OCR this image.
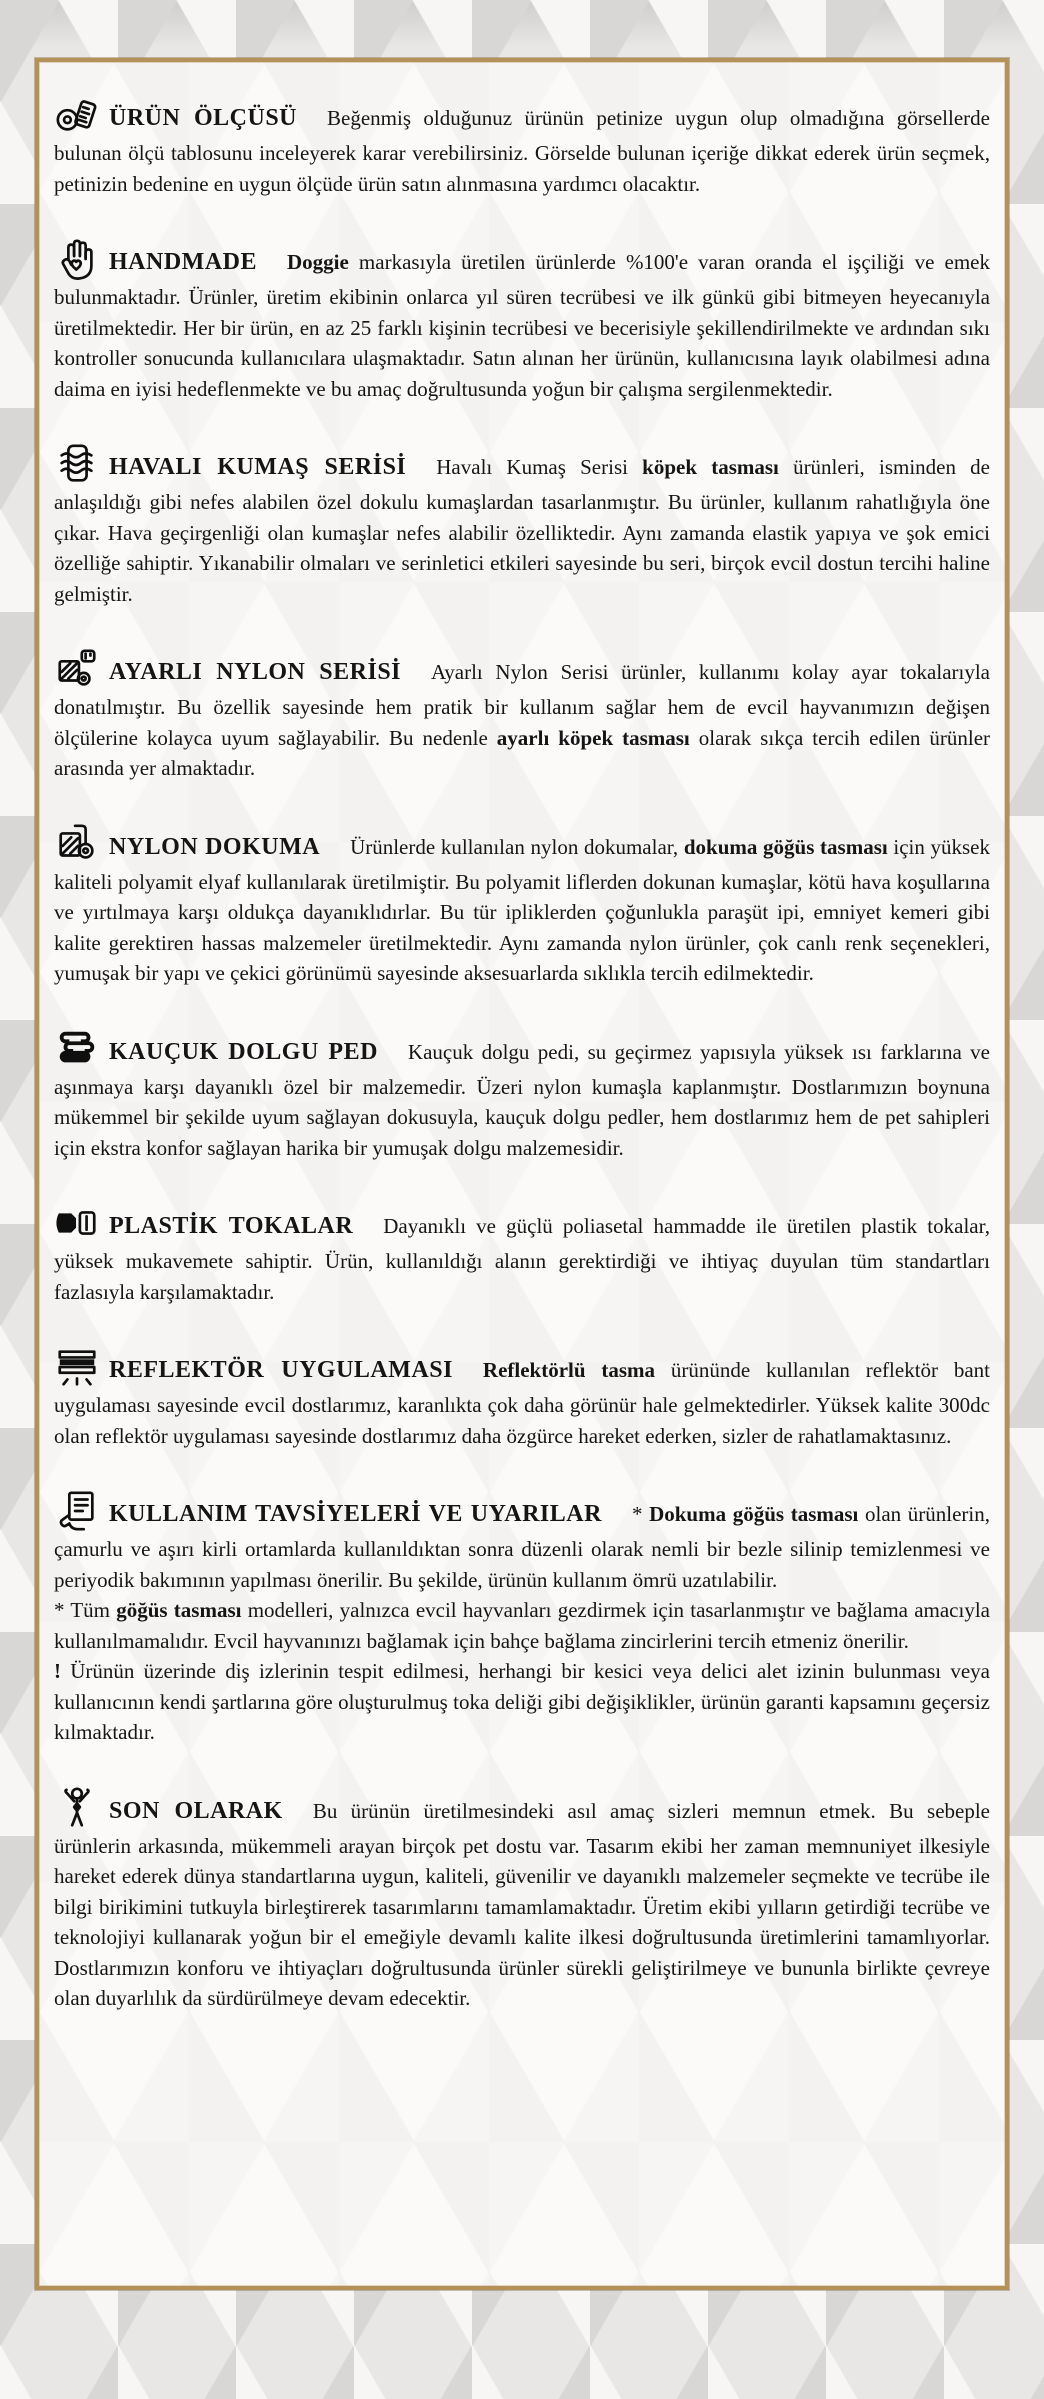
ÜRÜN ÖLÇÜSÜ Beğenmiş olduğunuz ürünün petinize uygun olup olmadığına görsellerde bulunan ölçü tablosunu inceleyerek karar verebilirsiniz. Görselde bulunan içeriğe dikkat ederek ürün seçmek, petinizin bedenine en uygun ölçüde ürün satın alınmasına yardımcı olacaktır.

HANDMADE Doggie markasıyla üretilen ürünlerde %100'e varan oranda el işçiliği ve emek bulunmaktadır. Ürünler, üretim ekibinin onlarca yıl süren tecrübesi ve ilk günkü gibi bitmeyen heyecanıyla üretilmektedir. Her bir ürün, en az 25 farklı kişinin tecrübesi ve becerisiyle şekillendirilmekte ve ardından sıkı kontroller sonucunda kullanıcılara ulaşmaktadır. Satın alınan her ürünün, kullanıcısına layık olabilmesi adına daima en iyisi hedeflenmekte ve bu amaç doğrultusunda yoğun bir çalışma sergilenmektedir.

HAVALI KUMAŞ SERİSİ Havalı Kumaş Serisi köpek tasması ürünleri, isminden de anlaşıldığı gibi nefes alabilen özel dokulu kumaşlardan tasarlanmıştır. Bu ürünler, kullanım rahatlığıyla öne çıkar. Hava geçirgenliği olan kumaşlar nefes alabilir özelliktedir. Aynı zamanda elastik yapıya ve şok emici özelliğe sahiptir. Yıkanabilir olmaları ve serinletici etkileri sayesinde bu seri, birçok evcil dostun tercihi haline gelmiştir.

AYARLI NYLON SERİSİ Ayarlı Nylon Serisi ürünler, kullanımı kolay ayar tokalarıyla donatılmıştır. Bu özellik sayesinde hem pratik bir kullanım sağlar hem de evcil hayvanımızın değişen ölçülerine kolayca uyum sağlayabilir. Bu nedenle ayarlı köpek tasması olarak sıkça tercih edilen ürünler arasında yer almaktadır.

NYLON DOKUMA Ürünlerde kullanılan nylon dokumalar, dokuma göğüs tasması için yüksek kaliteli polyamit elyaf kullanılarak üretilmiştir. Bu polyamit liflerden dokunan kumaşlar, kötü hava koşullarına ve yırtılmaya karşı oldukça dayanıklıdırlar. Bu tür ipliklerden çoğunlukla paraşüt ipi, emniyet kemeri gibi kalite gerektiren hassas malzemeler üretilmektedir. Aynı zamanda nylon ürünler, çok canlı renk seçenekleri, yumuşak bir yapı ve çekici görünümü sayesinde aksesuarlarda sıklıkla tercih edilmektedir.

KAUÇUK DOLGU PED Kauçuk dolgu pedi, su geçirmez yapısıyla yüksek ısı farklarına ve aşınmaya karşı dayanıklı özel bir malzemedir. Üzeri nylon kumaşla kaplanmıştır. Dostlarımızın boynuna mükemmel bir şekilde uyum sağlayan dokusuyla, kauçuk dolgu pedler, hem dostlarımız hem de pet sahipleri için ekstra konfor sağlayan harika bir yumuşak dolgu malzemesidir.

PLASTİK TOKALAR Dayanıklı ve güçlü poliasetal hammadde ile üretilen plastik tokalar, yüksek mukavemete sahiptir. Ürün, kullanıldığı alanın gerektirdiği ve ihtiyaç duyulan tüm standartları fazlasıyla karşılamaktadır.

REFLEKTÖR UYGULAMASI Reflektörlü tasma ürününde kullanılan reflektör bant uygulaması sayesinde evcil dostlarımız, karanlıkta çok daha görünür hale gelmektedirler. Yüksek kalite 300dc olan reflektör uygulaması sayesinde dostlarımız daha özgürce hareket ederken, sizler de rahatlamaktasınız.

KULLANIM TAVSİYELERİ VE UYARILAR * Dokuma göğüs tasması olan ürünlerin, çamurlu ve aşırı kirli ortamlarda kullanıldıktan sonra düzenli olarak nemli bir bezle silinip temizlenmesi ve periyodik bakımının yapılması önerilir. Bu şekilde, ürünün kullanım ömrü uzatılabilir.

* Tüm göğüs tasması modelleri, yalnızca evcil hayvanları gezdirmek için tasarlanmıştır ve bağlama amacıyla kullanılmamalıdır. Evcil hayvanınızı bağlamak için bahçe bağlama zincirlerini tercih etmeniz önerilir.

! Ürünün üzerinde diş izlerinin tespit edilmesi, herhangi bir kesici veya delici alet izinin bulunması veya kullanıcının kendi şartlarına göre oluşturulmuş toka deliği gibi değişiklikler, ürünün garanti kapsamını geçersiz kılmaktadır.

SON OLARAK Bu ürünün üretilmesindeki asıl amaç sizleri memnun etmek. Bu sebeple ürünlerin arkasında, mükemmeli arayan birçok pet dostu var. Tasarım ekibi her zaman memnuniyet ilkesiyle hareket ederek dünya standartlarına uygun, kaliteli, güvenilir ve dayanıklı malzemeler seçmekte ve tecrübe ile bilgi birikimini tutkuyla birleştirerek tasarımlarını tamamlamaktadır. Üretim ekibi yılların getirdiği tecrübe ve teknolojiyi kullanarak yoğun bir el emeğiyle devamlı kalite ilkesi doğrultusunda üretimlerini tamamlıyorlar. Dostlarımızın konforu ve ihtiyaçları doğrultusunda ürünler sürekli geliştirilmeye ve bununla birlikte çevreye olan duyarlılık da sürdürülmeye devam edecektir.
